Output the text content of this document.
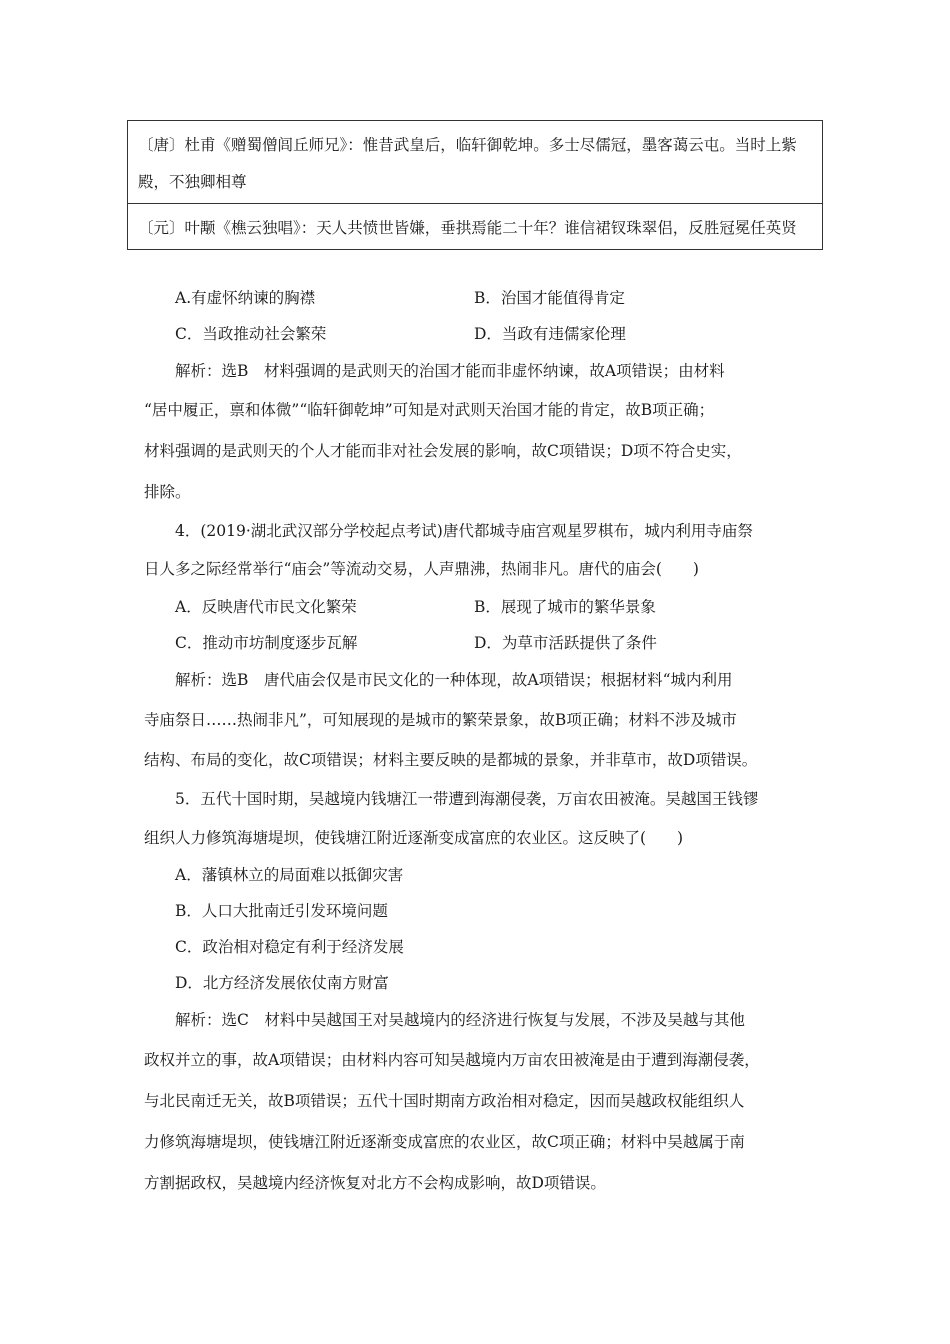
〔唐〕杜甫《赠蜀僧闾丘师兄》：惟昔武皇后，临轩御乾坤。多士尽儒冠，墨客蔼云屯。当时上紫殿，不独卿相尊
〔元〕叶颙《樵云独唱》：天人共愤世皆嫌，垂拱焉能二十年？谁信裙钗珠翠侣，反胜冠冕任英贤
A.有虚怀纳谏的胸襟	B．治国才能值得肯定
C．当政推动社会繁荣	D．当政有违儒家伦理
解析：选B　材料强调的是武则天的治国才能而非虚怀纳谏，故A项错误；由材料
“居中履正，禀和体微”“临轩御乾坤”可知是对武则天治国才能的肯定，故B项正确；
材料强调的是武则天的个人才能而非对社会发展的影响，故C项错误；D项不符合史实，
排除。
4．(2019·湖北武汉部分学校起点考试)唐代都城寺庙宫观星罗棋布，城内利用寺庙祭
日人多之际经常举行“庙会”等流动交易，人声鼎沸，热闹非凡。唐代的庙会(　　)
A．反映唐代市民文化繁荣	B．展现了城市的繁华景象
C．推动市坊制度逐步瓦解	D．为草市活跃提供了条件
解析：选B　唐代庙会仅是市民文化的一种体现，故A项错误；根据材料“城内利用
寺庙祭日……热闹非凡”，可知展现的是城市的繁荣景象，故B项正确；材料不涉及城市
结构、布局的变化，故C项错误；材料主要反映的是都城的景象，并非草市，故D项错误。
5．五代十国时期，吴越境内钱塘江一带遭到海潮侵袭，万亩农田被淹。吴越国王钱镠
组织人力修筑海塘堤坝，使钱塘江附近逐渐变成富庶的农业区。这反映了(　　)
A．藩镇林立的局面难以抵御灾害
B．人口大批南迁引发环境问题
C．政治相对稳定有利于经济发展
D．北方经济发展依仗南方财富
解析：选C　材料中吴越国王对吴越境内的经济进行恢复与发展，不涉及吴越与其他
政权并立的事，故A项错误；由材料内容可知吴越境内万亩农田被淹是由于遭到海潮侵袭，
与北民南迁无关，故B项错误；五代十国时期南方政治相对稳定，因而吴越政权能组织人
力修筑海塘堤坝，使钱塘江附近逐渐变成富庶的农业区，故C项正确；材料中吴越属于南
方割据政权，吴越境内经济恢复对北方不会构成影响，故D项错误。
